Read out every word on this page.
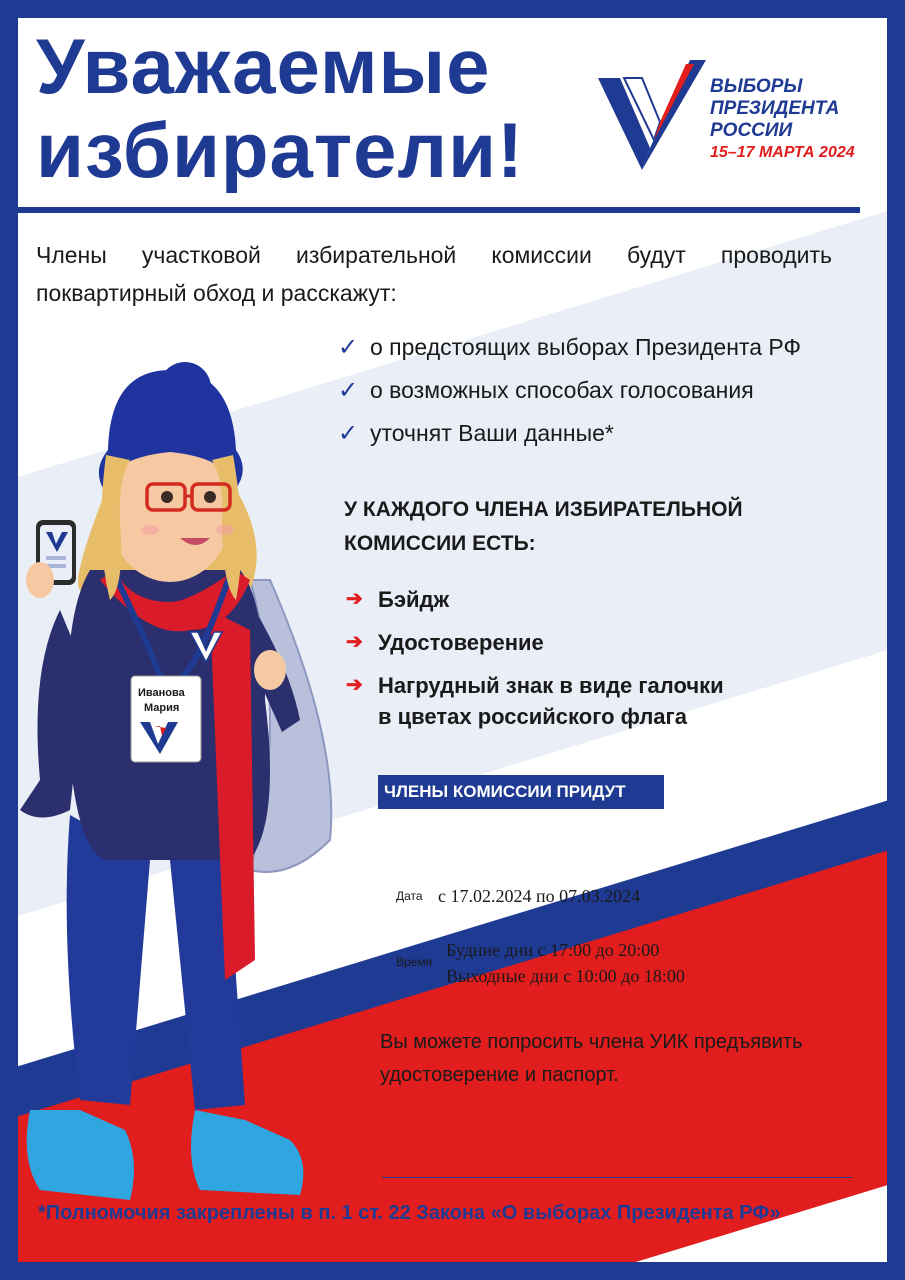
Уважаемые
избиратели!
ВЫБОРЫ
ПРЕЗИДЕНТА
РОССИИ
15–17 МАРТА 2024

Члены участковой избирательной комиссии будут проводить поквартирный обход и расскажут:

✓ о предстоящих выборах Президента РФ
✓ о возможных способах голосования
✓ уточнят Ваши данные*
У КАЖДОГО ЧЛЕНА ИЗБИРАТЕЛЬНОЙ КОМИССИИ ЕСТЬ:
➔ Бэйдж
➔ Удостоверение
➔ Нагрудный знак в виде галочки
в цветах российского флага
ЧЛЕНЫ КОМИССИИ ПРИДУТ
Дата с 17.02.2024 по 07.03.2024
Время
Будние дни с 17:00 до 20:00
Выходные дни с 10:00 до 18:00

Вы можете попросить члена УИК предъявить удостоверение и паспорт.

*Полномочия закреплены в п. 1 ст. 22 Закона «О выборах Президента РФ»

Иванова
Мария
